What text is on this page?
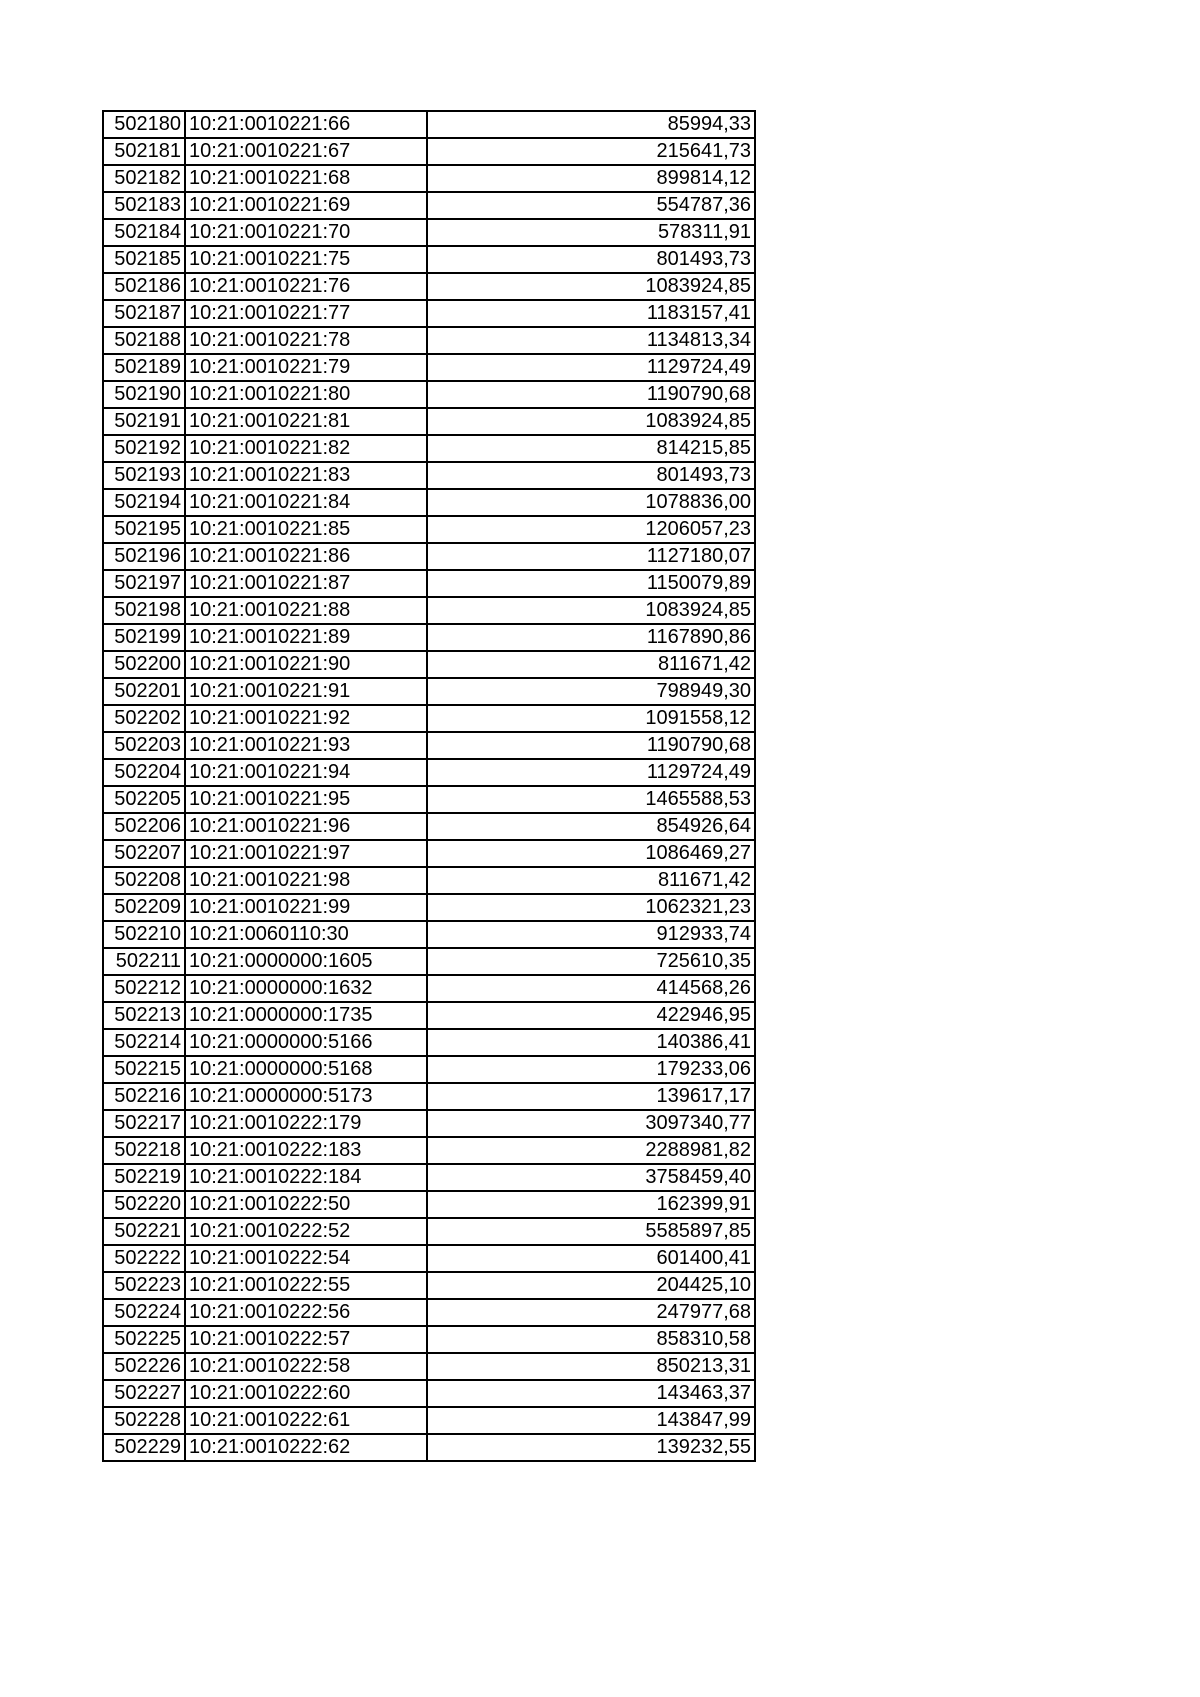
502180	10:21:0010221:66	85994,33
502181	10:21:0010221:67	215641,73
502182	10:21:0010221:68	899814,12
502183	10:21:0010221:69	554787,36
502184	10:21:0010221:70	578311,91
502185	10:21:0010221:75	801493,73
502186	10:21:0010221:76	1083924,85
502187	10:21:0010221:77	1183157,41
502188	10:21:0010221:78	1134813,34
502189	10:21:0010221:79	1129724,49
502190	10:21:0010221:80	1190790,68
502191	10:21:0010221:81	1083924,85
502192	10:21:0010221:82	814215,85
502193	10:21:0010221:83	801493,73
502194	10:21:0010221:84	1078836,00
502195	10:21:0010221:85	1206057,23
502196	10:21:0010221:86	1127180,07
502197	10:21:0010221:87	1150079,89
502198	10:21:0010221:88	1083924,85
502199	10:21:0010221:89	1167890,86
502200	10:21:0010221:90	811671,42
502201	10:21:0010221:91	798949,30
502202	10:21:0010221:92	1091558,12
502203	10:21:0010221:93	1190790,68
502204	10:21:0010221:94	1129724,49
502205	10:21:0010221:95	1465588,53
502206	10:21:0010221:96	854926,64
502207	10:21:0010221:97	1086469,27
502208	10:21:0010221:98	811671,42
502209	10:21:0010221:99	1062321,23
502210	10:21:0060110:30	912933,74
502211	10:21:0000000:1605	725610,35
502212	10:21:0000000:1632	414568,26
502213	10:21:0000000:1735	422946,95
502214	10:21:0000000:5166	140386,41
502215	10:21:0000000:5168	179233,06
502216	10:21:0000000:5173	139617,17
502217	10:21:0010222:179	3097340,77
502218	10:21:0010222:183	2288981,82
502219	10:21:0010222:184	3758459,40
502220	10:21:0010222:50	162399,91
502221	10:21:0010222:52	5585897,85
502222	10:21:0010222:54	601400,41
502223	10:21:0010222:55	204425,10
502224	10:21:0010222:56	247977,68
502225	10:21:0010222:57	858310,58
502226	10:21:0010222:58	850213,31
502227	10:21:0010222:60	143463,37
502228	10:21:0010222:61	143847,99
502229	10:21:0010222:62	139232,55
